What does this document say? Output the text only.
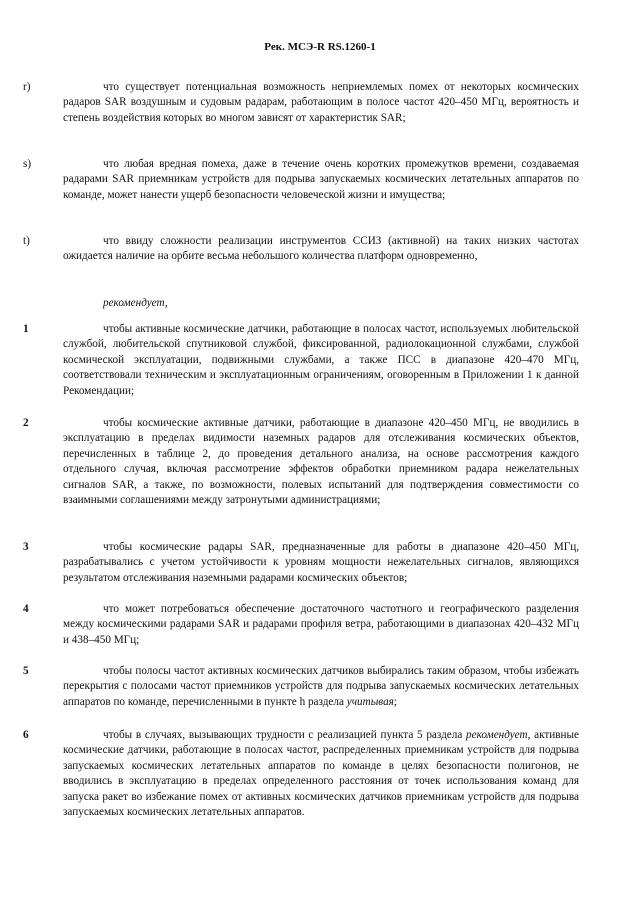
Рек. МСЭ-R RS.1260-1

r)	что существует потенциальная возможность неприемлемых помех от некоторых космических радаров SAR воздушным и судовым радарам, работающим в полосе частот 420–450 МГц, вероятность и степень воздействия которых во многом зависят от характеристик SAR;

s)	что любая вредная помеха, даже в течение очень коротких промежутков времени, создаваемая радарами SAR приемникам устройств для подрыва запускаемых космических летательных аппаратов по команде, может нанести ущерб безопасности человеческой жизни и имущества;

t)	что ввиду сложности реализации инструментов ССИЗ (активной) на таких низких частотах ожидается наличие на орбите весьма небольшого количества платформ одновременно,

рекомендует,

1	чтобы активные космические датчики, работающие в полосах частот, используемых любительской службой, любительской спутниковой службой, фиксированной, радиолокационной службами, службой космической эксплуатации, подвижными службами, а также ПСС в диапазоне 420–470 МГц, соответствовали техническим и эксплуатационным ограничениям, оговоренным в Приложении 1 к данной Рекомендации;

2	чтобы космические активные датчики, работающие в диапазоне 420–450 МГц, не вводились в эксплуатацию в пределах видимости наземных радаров для отслеживания космических объектов, перечисленных в таблице 2, до проведения детального анализа, на основе рассмотрения каждого отдельного случая, включая рассмотрение эффектов обработки приемником радара нежелательных сигналов SAR, а также, по возможности, полевых испытаний для подтверждения совместимости со взаимными соглашениями между затронутыми администрациями;

3	чтобы космические радары SAR, предназначенные для работы в диапазоне 420–450 МГц, разрабатывались с учетом устойчивости к уровням мощности нежелательных сигналов, являющихся результатом отслеживания наземными радарами космических объектов;

4	что может потребоваться обеспечение достаточного частотного и географического разделения между космическими радарами SAR и радарами профиля ветра, работающими в диапазонах 420–432 МГц и 438–450 МГц;

5	чтобы полосы частот активных космических датчиков выбирались таким образом, чтобы избежать перекрытия с полосами частот приемников устройств для подрыва запускаемых космических летательных аппаратов по команде, перечисленными в пункте h раздела учитывая;

6	чтобы в случаях, вызывающих трудности с реализацией пункта 5 раздела рекомендует, активные космические датчики, работающие в полосах частот, распределенных приемникам устройств для подрыва запускаемых космических летательных аппаратов по команде в целях безопасности полигонов, не вводились в эксплуатацию в пределах определенного расстояния от точек использования команд для запуска ракет во избежание помех от активных космических датчиков приемникам устройств для подрыва запускаемых космических летательных аппаратов.
